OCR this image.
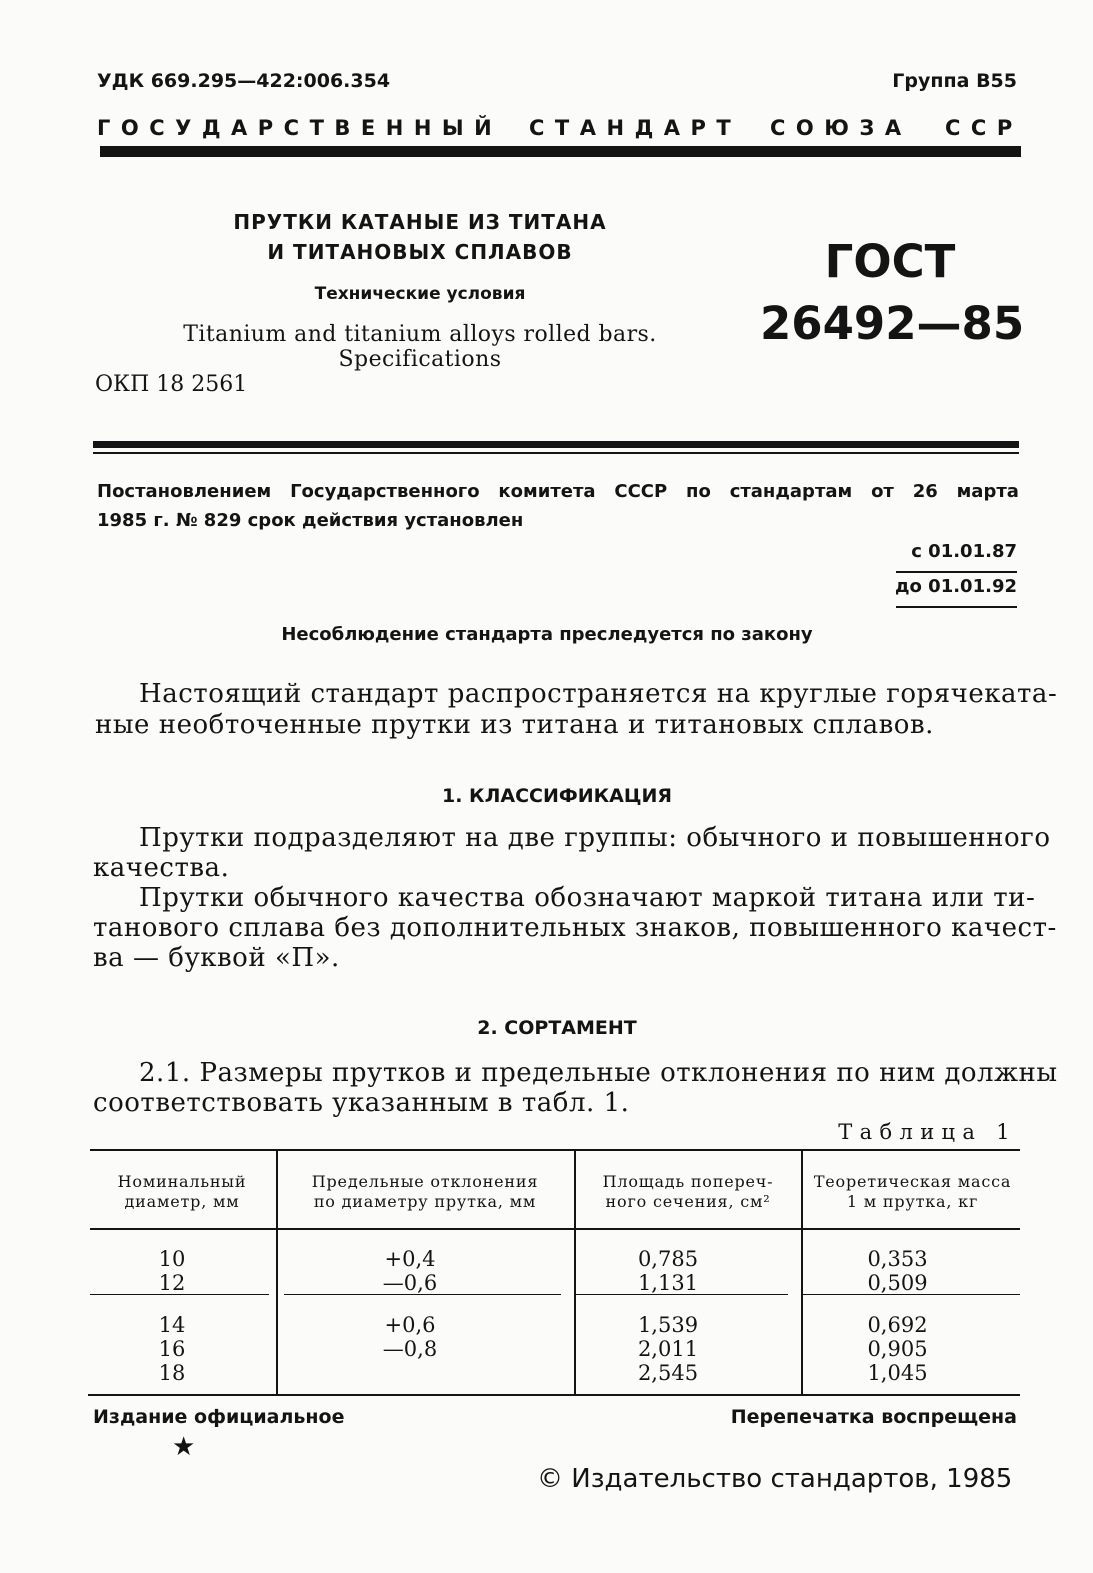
УДК 669.295—422:006.354	Группа В55
ГОСУДАРСТВЕННЫЙ СТАНДАРТ СОЮЗА ССР
ПРУТКИ КАТАНЫЕ ИЗ ТИТАНА
И ТИТАНОВЫХ СПЛАВОВ
Технические условия
Titanium and titanium alloys rolled bars.
Specifications
ОКП 18 2561
ГОСТ
26492—85
Постановлением Государственного комитета СССР по стандартам от 26 марта
1985 г. № 829 срок действия установлен
с 01.01.87
до 01.01.92
Несоблюдение стандарта преследуется по закону
Настоящий стандарт распространяется на круглые горячеката-
ные необточенные прутки из титана и титановых сплавов.
1. КЛАССИФИКАЦИЯ
Прутки подразделяют на две группы: обычного и повышенного
качества.
Прутки обычного качества обозначают маркой титана или ти-
танового сплава без дополнительных знаков, повышенного качест-
ва — буквой «П».
2. СОРТАМЕНТ
2.1. Размеры прутков и предельные отклонения по ним должны
соответствовать указанным в табл. 1.
Таблица 1
Номинальный
диаметр, мм
Предельные отклонения
по диаметру прутка, мм
Площадь попереч-
ного сечения, см²
Теоретическая масса
1 м прутка, кг
10
12
+0,4
—0,6
0,785
1,131
0,353
0,509
14
16
18
+0,6
—0,8
1,539
2,011
2,545
0,692
0,905
1,045
Издание официальное	Перепечатка воспрещена
★
© Издательство стандартов, 1985
